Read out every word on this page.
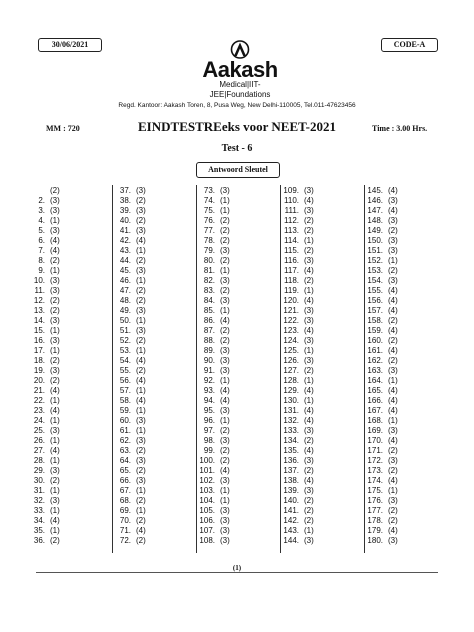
30/06/2021	CODE-A
Aakash
Medical|IIT-JEE|Foundations
Regd. Kantoor: Aakash Toren, 8, Pusa Weg, New Delhi-110005, Tel.011-47623456
MM : 720	EINDTESTREeks voor NEET-2021	Time : 3.00 Hrs.
Test - 6
Antwoord Sleutel
(2)
2. (3)
3. (3)
4. (1)
5. (3)
6. (4)
7. (4)
8. (2)
9. (1)
10. (3)
11. (3)
12. (2)
13. (2)
14. (3)
15. (1)
16. (3)
17. (1)
18. (2)
19. (3)
20. (2)
21. (4)
22. (1)
23. (4)
24. (1)
25. (3)
26. (1)
27. (4)
28. (1)
29. (3)
30. (2)
31. (1)
32. (3)
33. (1)
34. (4)
35. (1)
36. (2)
37. (3)
38. (2)
39. (3)
40. (2)
41. (3)
42. (4)
43. (1)
44. (2)
45. (3)
46. (1)
47. (2)
48. (2)
49. (3)
50. (1)
51. (3)
52. (2)
53. (1)
54. (4)
55. (2)
56. (4)
57. (1)
58. (4)
59. (1)
60. (3)
61. (1)
62. (3)
63. (2)
64. (3)
65. (2)
66. (3)
67. (1)
68. (2)
69. (1)
70. (2)
71. (4)
72. (2)
73. (3)
74. (1)
75. (1)
76. (2)
77. (2)
78. (2)
79. (3)
80. (2)
81. (1)
82. (3)
83. (2)
84. (3)
85. (1)
86. (4)
87. (2)
88. (2)
89. (3)
90. (3)
91. (3)
92. (1)
93. (4)
94. (4)
95. (3)
96. (1)
97. (2)
98. (3)
99. (2)
100. (2)
101. (4)
102. (3)
103. (1)
104. (1)
105. (3)
106. (3)
107. (3)
108. (3)
109. (3)
110. (4)
111. (3)
112. (2)
113. (2)
114. (1)
115. (2)
116. (3)
117. (4)
118. (2)
119. (1)
120. (4)
121. (3)
122. (3)
123. (4)
124. (3)
125. (1)
126. (3)
127. (2)
128. (1)
129. (4)
130. (1)
131. (4)
132. (4)
133. (3)
134. (2)
135. (4)
136. (3)
137. (2)
138. (4)
139. (3)
140. (2)
141. (2)
142. (2)
143. (1)
144. (3)
145. (4)
146. (3)
147. (4)
148. (3)
149. (2)
150. (3)
151. (3)
152. (1)
153. (2)
154. (3)
155. (4)
156. (4)
157. (4)
158. (2)
159. (4)
160. (2)
161. (4)
162. (2)
163. (3)
164. (1)
165. (4)
166. (4)
167. (4)
168. (1)
169. (3)
170. (4)
171. (2)
172. (3)
173. (2)
174. (4)
175. (1)
176. (3)
177. (2)
178. (2)
179. (4)
180. (3)
(1)
